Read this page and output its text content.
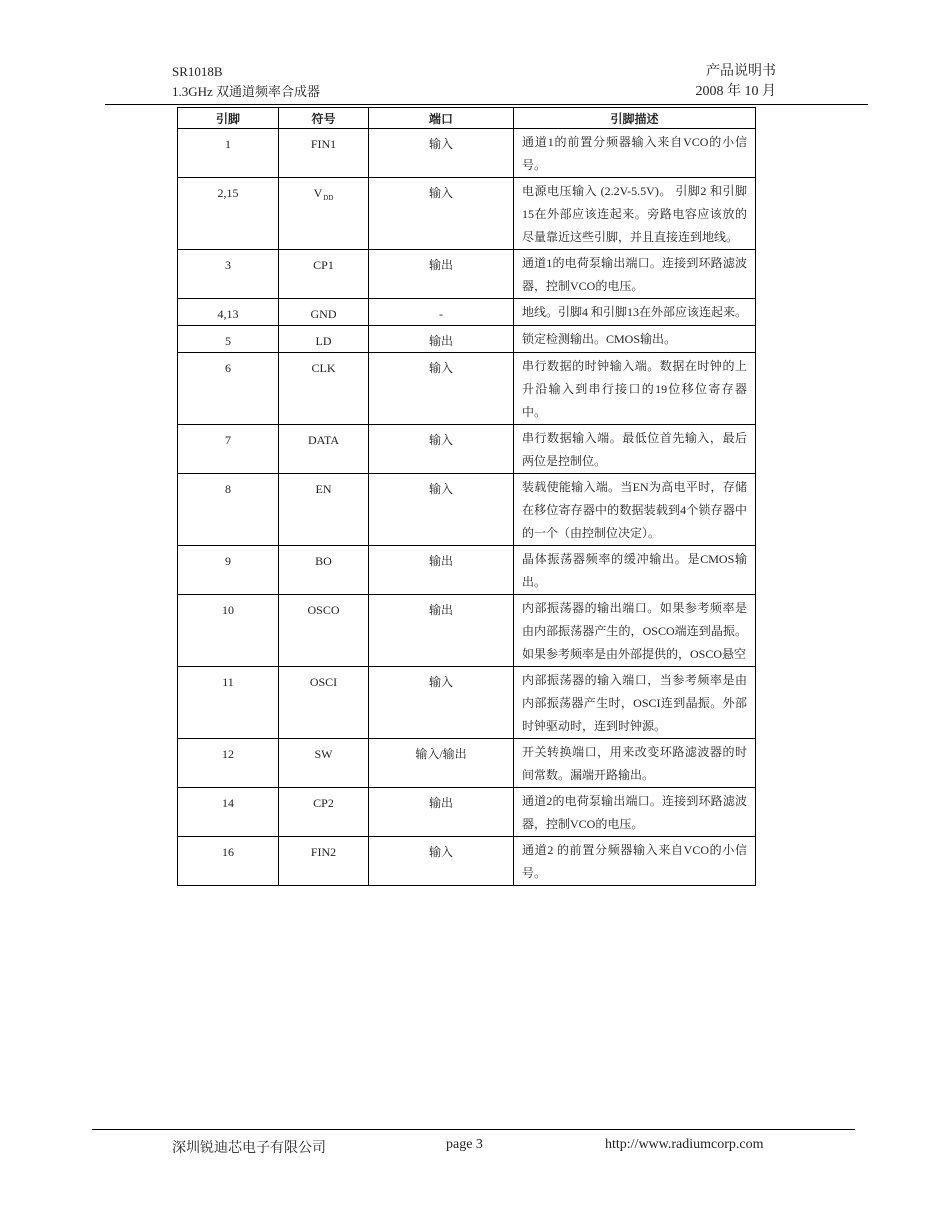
SR1018B
1.3GHz 双通道频率合成器
产品说明书
2008 年 10 月
引脚	符号	端口	引脚描述
1	FIN1	输入	通道1的前置分频器输入来自VCO的小信号。
2,15	$V_{DD}$	输入	电源电压输入 (2.2V-5.5V)。 引脚2 和引脚15在外部应该连起来。旁路电容应该放的尽量靠近这些引脚，并且直接连到地线。
3	CP1	输出	通道1的电荷泵输出端口。连接到环路滤波器，控制VCO的电压。
4,13	GND	-	地线。引脚4 和引脚13在外部应该连起来。
5	LD	输出	锁定检测输出。CMOS输出。
6	CLK	输入	串行数据的时钟输入端。数据在时钟的上升沿输入到串行接口的19位移位寄存器中。
7	DATA	输入	串行数据输入端。最低位首先输入，最后两位是控制位。
8	EN	输入	装载使能输入端。当EN为高电平时，存储在移位寄存器中的数据装载到4个锁存器中的一个（由控制位决定）。
9	BO	输出	晶体振荡器频率的缓冲输出。是CMOS输出。
10	OSCO	输出	内部振荡器的输出端口。如果参考频率是由内部振荡器产生的，OSCO端连到晶振。如果参考频率是由外部提供的，OSCO悬空
11	OSCI	输入	内部振荡器的输入端口，当参考频率是由内部振荡器产生时，OSCI连到晶振。外部时钟驱动时，连到时钟源。
12	SW	输入/输出	开关转换端口，用来改变环路滤波器的时间常数。漏端开路输出。
14	CP2	输出	通道2的电荷泵输出端口。连接到环路滤波器，控制VCO的电压。
16	FIN2	输入	通道2 的前置分频器输入来自VCO的小信号。
深圳锐迪芯电子有限公司	page 3	http://www.radiumcorp.com
